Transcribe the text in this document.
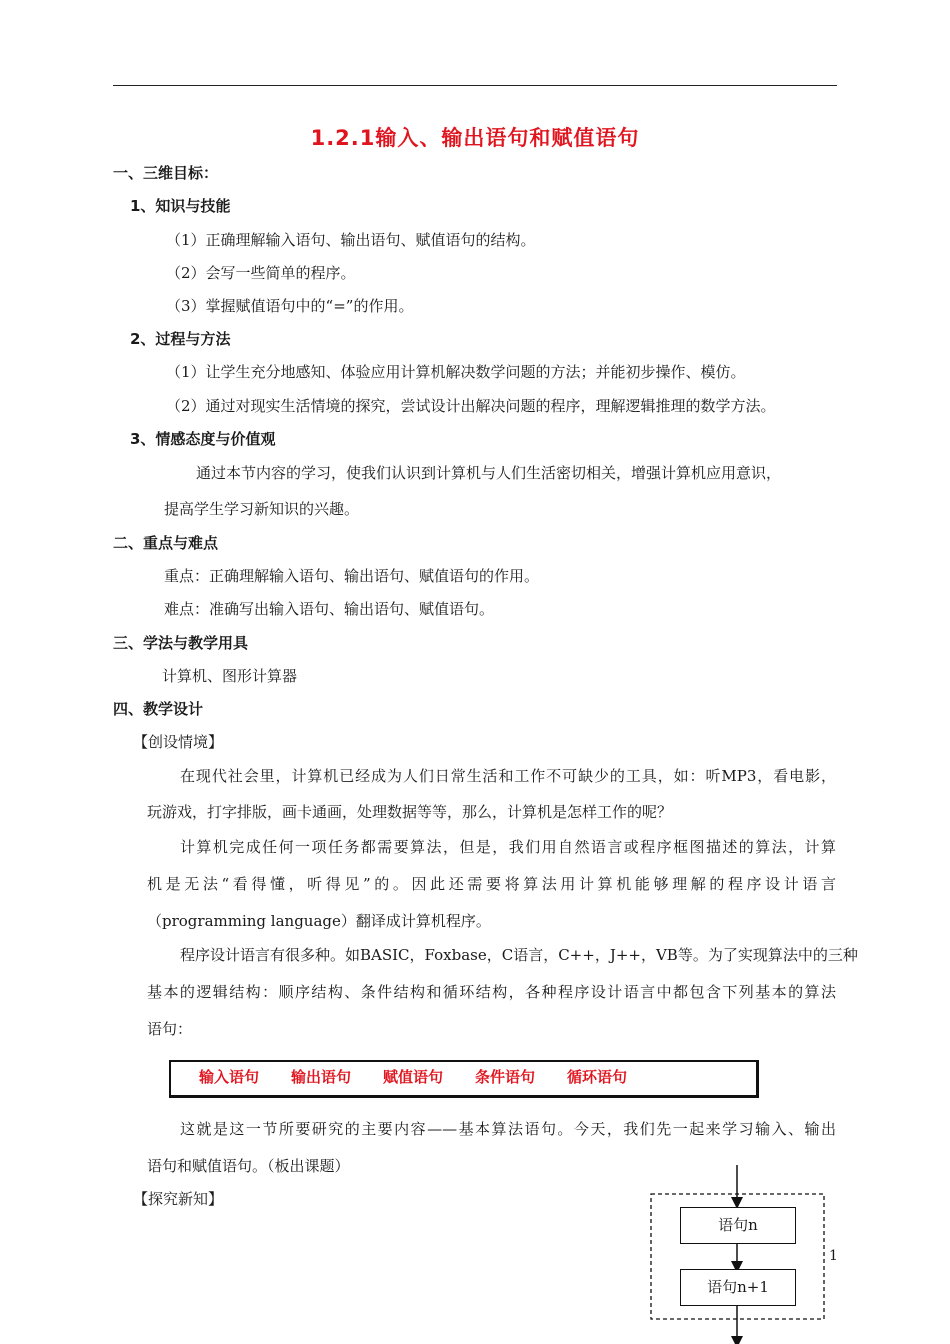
1.2.1输入、输出语句和赋值语句
一、三维目标：
1、知识与技能
（1）正确理解输入语句、输出语句、赋值语句的结构。
（2）会写一些简单的程序。
（3）掌握赋值语句中的“=”的作用。
2、过程与方法
（1）让学生充分地感知、体验应用计算机解决数学问题的方法；并能初步操作、模仿。
（2）通过对现实生活情境的探究，尝试设计出解决问题的程序，理解逻辑推理的数学方法。
3、情感态度与价值观
通过本节内容的学习，使我们认识到计算机与人们生活密切相关，增强计算机应用意识，
提高学生学习新知识的兴趣。
二、重点与难点
重点：正确理解输入语句、输出语句、赋值语句的作用。
难点：准确写出输入语句、输出语句、赋值语句。
三、学法与教学用具
计算机、图形计算器
四、教学设计
【创设情境】
在现代社会里，计算机已经成为人们日常生活和工作不可缺少的工具，如：听MP3，看电影，
玩游戏，打字排版，画卡通画，处理数据等等，那么，计算机是怎样工作的呢？
计算机完成任何一项任务都需要算法，但是，我们用自然语言或程序框图描述的算法，计算
机是无法“看得懂，听得见”的。因此还需要将算法用计算机能够理解的程序设计语言
（programming language）翻译成计算机程序。
程序设计语言有很多种。如BASIC，Foxbase，C语言，C++，J++，VB等。为了实现算法中的三种
基本的逻辑结构：顺序结构、条件结构和循环结构，各种程序设计语言中都包含下列基本的算法
语句：
输入语句 输出语句 赋值语句 条件语句 循环语句
这就是这一节所要研究的主要内容——基本算法语句。今天，我们先一起来学习输入、输出
语句和赋值语句。（板出课题）
【探究新知】
语句n
语句n+1
1
